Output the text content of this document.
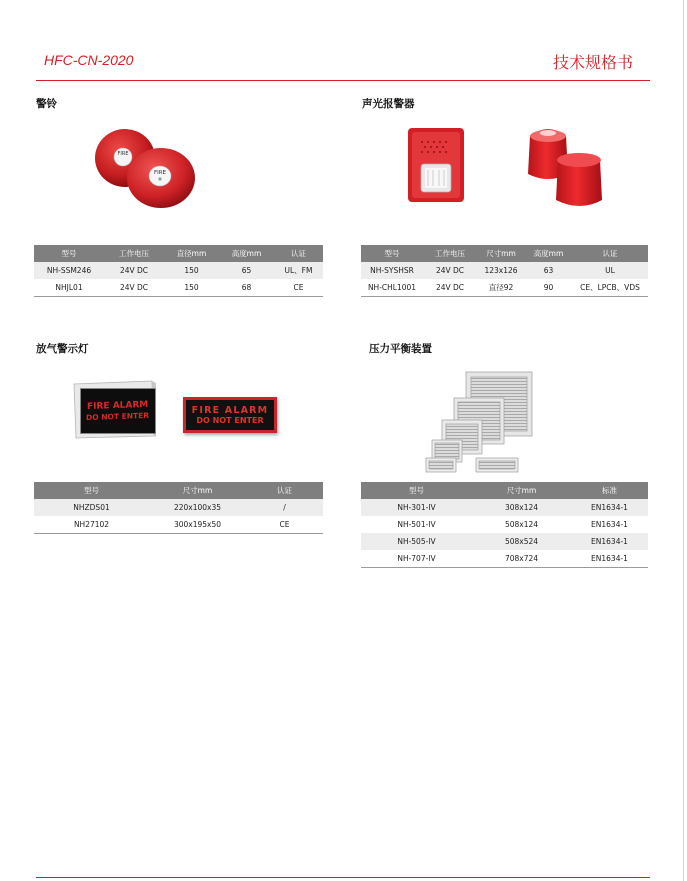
HFC-CN-2020	技术规格书
警铃
FIRE
FIRE
型号	工作电压	直径mm	高度mm	认证
NH-SSM246	24V DC	150	65	UL、FM
NHJL01	24V DC	150	68	CE
声光报警器
型号	工作电压	尺寸mm	高度mm	认证
NH-SYSHSR	24V DC	123x126	63	UL
NH-CHL1001	24V DC	直径92	90	CE、LPCB、VDS
放气警示灯
FIRE ALARM
DO NOT ENTER
FIRE ALARM
DO NOT ENTER
型号	尺寸mm	认证
NHZDS01	220x100x35	/
NH27102	300x195x50	CE
压力平衡装置
型号	尺寸mm	标准
NH-301-IV	308x124	EN1634-1
NH-501-IV	508x124	EN1634-1
NH-505-IV	508x524	EN1634-1
NH-707-IV	708x724	EN1634-1
